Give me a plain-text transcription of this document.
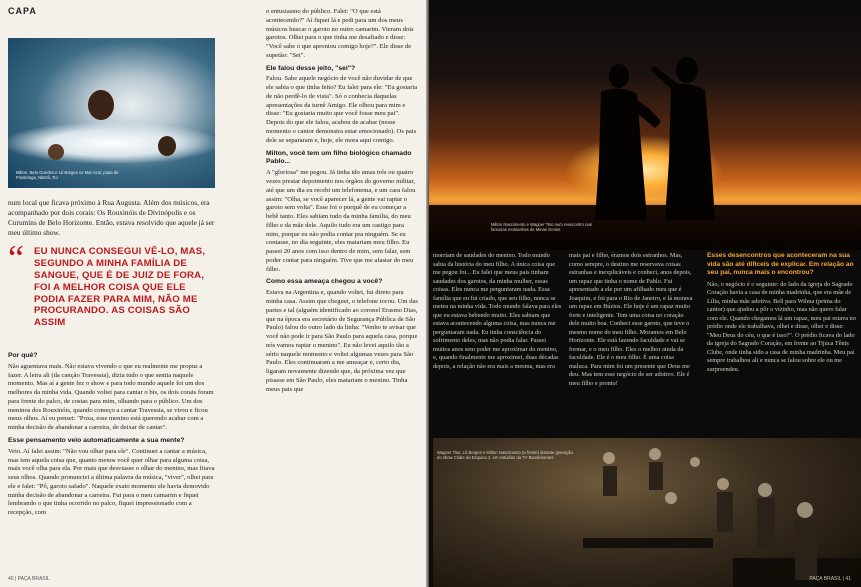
CAPA
Milton, Beto Guedes e Lô Borges no Mar Azul, praia de Piratininga, Niterói, RJ
num local que ficava próximo à Rua Augusta. Além dos músicos, era acompanhado por dois corais: Os Rouxinóis de Divinópolis e os Curumins de Belo Horizonte. Então, estava resolvido que aquele já ser meu último show.
“	EU NUNCA CONSEGUI VÊ-LO, MAS, SEGUNDO A MINHA FAMÍLIA DE SANGUE, QUE É DE JUIZ DE FORA, FOI A MELHOR COISA QUE ELE PODIA FAZER PARA MIM, NÃO ME PROCURANDO. AS COISAS SÃO ASSIM
Por quê?

Não aguentava mais. Não estava vivendo o que eu realmente me propus a fazer. A letra ali (da canção Travessia), dizia tudo o que sentia naquele momento. Mas aí a gente fez o show e para todo mundo aquele foi um dos melhores da minha vida. Quando voltei para cantar o bis, os dois corais foram para frente do palco, de costas para mim, olhando para o público. Um dos meninos dos Rouxinóis, quando começo a cantar Travessia, se virou e ficou meus olhos. Aí eu pensei: "Poxa, esse menino está querendo acabar com a minha decisão de abandonar a carreira, de deixar de cantar".

Esse pensamento veio automaticamente a sua mente?

Veio. Aí falei assim: "Não vou olhar para ele". Continuei a cantar a música, mas tem aquela coisa que, quanto menos você quer olhar para alguma coisa, mais você olha para ela. Por mais que desviasse o olhar do menino, mas fitava seus olhos. Quando pronunciei a última palavra da música, "viver", olhei para ele e falei: "Pô, garoto safado". Naquele exato momento ele havia demovido minha decisão de abandonar a carreira. Fui para o meu camarim e fiquei lembrando o que tinha ocorrido no palco, fiquei impressionado com a recepção, com

o entusiasmo do público. Falei: "O que está acontecendo?" Aí fiquei lá e pedi para um dos meus músicos buscar o garoto no outro camarim. Vieram dois garotos. Olhei para o que tinha me desafiado e disse: "Você sabe o que aprontou comigo hoje?". Ele disse de supetão: "Sei".

Ele falou desse jeito, "sei"?

Falou. Sabe aquele negócio de você não duvidar de que ele sabia o que tinha feito? Eu falei para ele: "Eu gostaria de não perdê-lo de vista". Só o conhecia daquelas apresentações da turnê Amigo. Ele olhou para mim e disse: "Eu gostaria muito que você fosse meu pai". Depois do que ele falou, acabou de acabar (nesse momento o cantor demonstra estar emocionado). Os pais dele se separaram e, hoje, ele mora aqui comigo.

Milton, você tem um filho biológico chamado Pablo...

A "gloriosa" me pegou. Já tinha ido umas três ou quatro vezes prestar depoimento nos órgãos do governo militar, até que um dia eu recebi um telefonema, e um cara falou assim: "Olha, se você aparecer lá, a gente vai raptar o garoto sem volta". Esse foi o porquê de eu começar a bebê tanto. Eles sabiam tudo da minha família, do meu filho e da mãe dele. Aquilo tudo era um castigo para mim, porque eu não podia contar pra ninguém. Se eu contasse, no dia seguinte, eles matariam meu filho. Eu passei 20 anos com isso dentro de mim, sem falar, sem poder contar para ninguém. Tive que me afastar do meu filho.

Como essa ameaça chegou a você?

Estava na Argentina e, quando voltei, fui direto para minha casa. Assim que cheguei, o telefone tocou. Um das partes e tal (alguém identificado ao coronel Erasmo Dias, que na época era secretário de Segurança Pública de São Paulo) falou do outro lado da linha: "Venho te avisar que você não pode ir para São Paulo para aquela casa, porque nós vamos raptar o menino". Eu não levei aquilo tão a sério naquele momento e voltei algumas vezes para São Paulo. Eles continuaram a me ameaçar e, certo dia, ligaram novamente dizendo que, da próxima vez que pisasse em São Paulo, eles matariam o menino. Tinha meus pais que

40 | PAÇA BRASIL
Milton Nascimento e Wagner Tiso num reencontro nas famosas montanhas de Minas Gerais

morriam de saudades do menino. Todo mundo sabia da história do meu filho. A única coisa que me pegou foi... Eu falei que meus pais tinham saudades dos garotos, da minha mulher, essas coisas. Eles nunca me perguntaram nada. Essa família que eu fui criado, que seu filho, nunca se meteu na minha vida. Todo mundo falava para eles que eu estava bebendo muito. Eles sabiam que estava acontecendo alguma coisa, mas nunca me perguntaram nada. Eu tinha consciência do sofrimento deles, mas não podia falar. Passei muitos anos sem poder me aproximar do menino, e, quando finalmente me aproximei, duas décadas depois, a relação não era mais a mesma, mas era

mais pai e filho, éramos dois estranhos. Mas, como sempre, o destino me reservava coisas estranhas e inexplicáveis e conheci, anos depois, um rapaz que tinha o nome de Pablo. Fui apresentado a ele por um afilhado meu que é Joaquim, e foi para o Rio de Janeiro, e lá morava um rapaz em Búzios. Ele hoje é um rapaz muito forte e inteligente. Tem uma coisa no coração dele muito boa. Conheci esse garoto, que teve o mesmo nome do meu filho. Moramos em Belo Horizonte. Ele está fazendo faculdade e vai se formar, e o meu filho. Eles o melhor ainda da faculdade. Ele é o meu filho. É uma coisa maluca. Para mim foi um presente que Deus me deu. Mas tem esse negócio de ser adotivo. Ele é meu filho e pronto!

Esses desencontros que aconteceram na sua vida são até difíceis de explicar. Em relação ao seu pai, nunca mais o encontrou?

Não, o negócio é o seguinte: do lado da igreja do Sagrado Coração havia a casa de minha madrinha, que era mãe de Lília, minha mãe adotiva. Bell para Wilma (prima do cantor) que ajudou a pôr o vizinho, mas não quero falar com ele. Quando chegamos lá um rapaz, meu pai estava no prédio onde ele trabalhava, olhei e disse, olhei e disse: "Meu Deus do céu, o que é isso?". O prédio ficava do lado da igreja do Sagrado Coração, em frente ao Tijuca Tênis Clube, onde tinha sido a casa de minha madrinha. Meu pai sempre trabalhou ali e nunca se falou sobre ele ou me surpreendeu.

Wagner Tiso, Lô Borges e Milton Nascimento (a frente) durante gravação do show Clube da Esquina 2, em estúdios da TV Bandeirantes
PAÇA BRASIL | 41
